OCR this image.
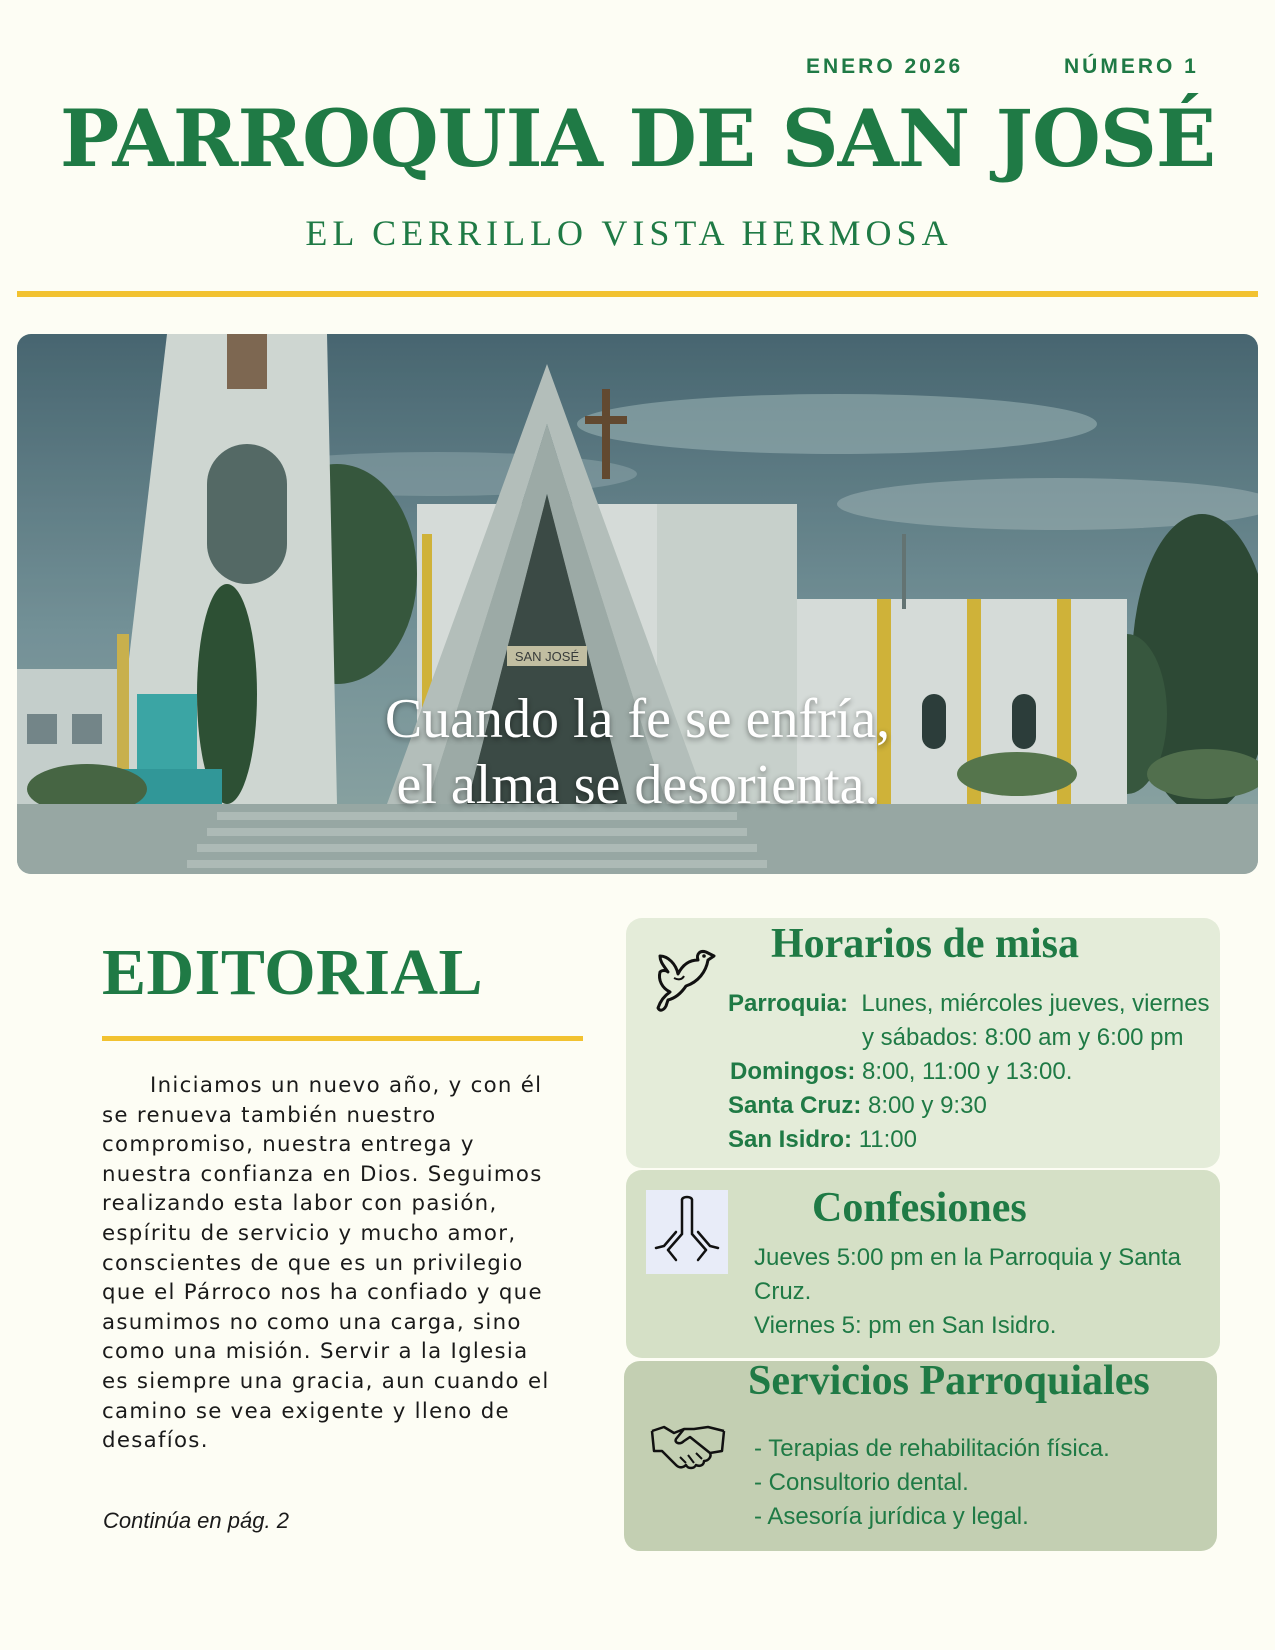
ENERO 2026	NÚMERO 1
PARROQUIA DE SAN JOSÉ
EL CERRILLO VISTA HERMOSA
SAN JOSÉ
Cuando la fe se enfría,
el alma se desorienta.
EDITORIAL

Iniciamos un nuevo año, y con él se renueva también nuestro compromiso, nuestra entrega y nuestra confianza en Dios. Seguimos realizando esta labor con pasión, espíritu de servicio y mucho amor, conscientes de que es un privilegio que el Párroco nos ha confiado y que asumimos no como una carga, sino como una misión. Servir a la Iglesia es siempre una gracia, aun cuando el camino se vea exigente y lleno de desafíos.

Continúa en pág. 2
Horarios de misa
Parroquia: Lunes, miércoles jueves, viernes
y sábados: 8:00 am y 6:00 pm
Domingos: 8:00, 11:00 y 13:00.
Santa Cruz: 8:00 y 9:30
San Isidro: 11:00
Confesiones
Jueves 5:00 pm en la Parroquia y Santa
Cruz.
Viernes 5: pm en San Isidro.
Servicios Parroquiales
- Terapias de rehabilitación física.
- Consultorio dental.
- Asesoría jurídica y legal.
